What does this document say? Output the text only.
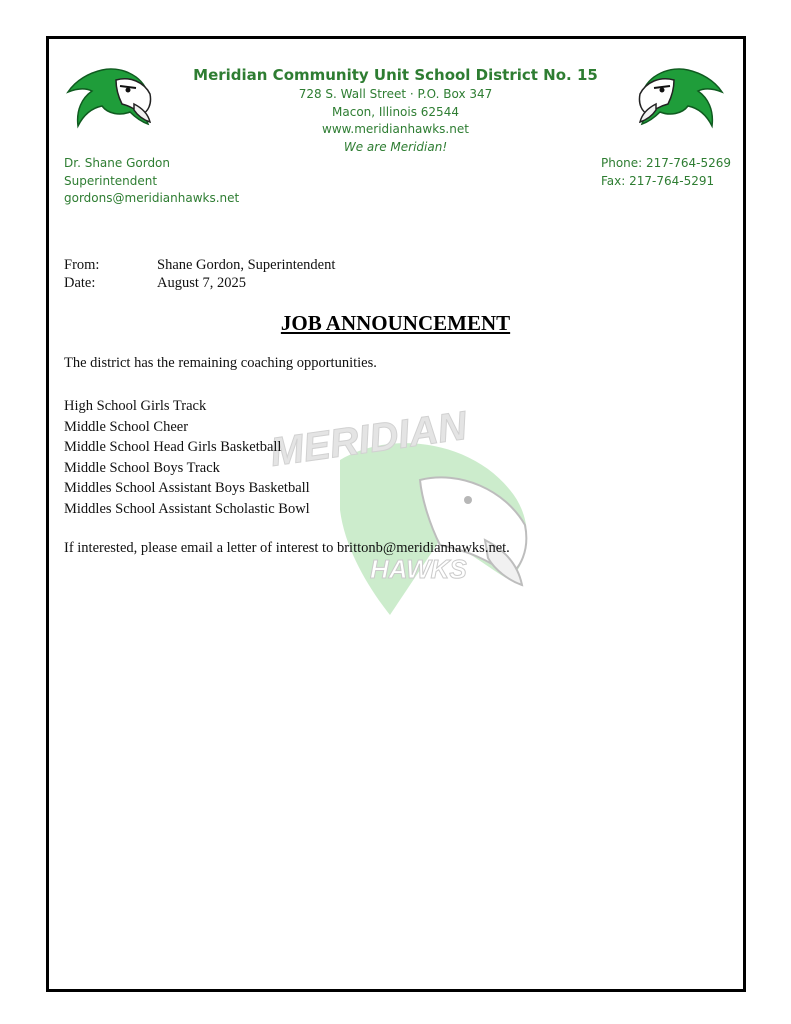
Meridian Community Unit School District No. 15
728 S. Wall Street · P.O. Box 347
Macon, Illinois 62544
www.meridianhawks.net
We are Meridian!
Dr. Shane Gordon
Superintendent
gordons@meridianhawks.net
Phone: 217-764-5269
Fax: 217-764-5291
MERIDIAN
HAWKS
From:	Shane Gordon, Superintendent
Date:	August 7, 2025
JOB ANNOUNCEMENT
The district has the remaining coaching opportunities.
High School Girls Track
Middle School Cheer
Middle School Head Girls Basketball
Middle School Boys Track
Middles School Assistant Boys Basketball
Middles School Assistant Scholastic Bowl
If interested, please email a letter of interest to brittonb@meridianhawks.net.
